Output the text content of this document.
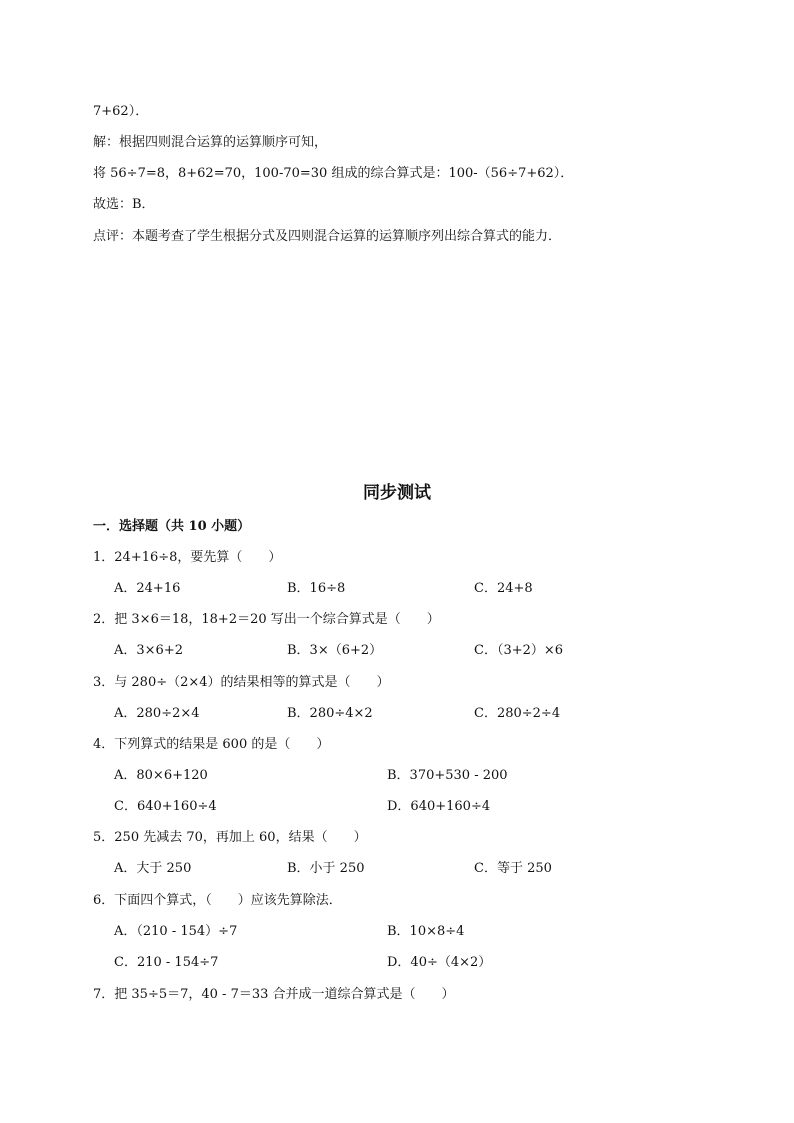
7+62）．
解：根据四则混合运算的运算顺序可知，
将 56÷7=8，8+62=70，100-70=30 组成的综合算式是：100-（56÷7+62）．
故选：B．
点评：本题考查了学生根据分式及四则混合运算的运算顺序列出综合算式的能力．
同步测试
一．选择题（共 10 小题）
1．24+16÷8，要先算（　　）
A．24+16	B．16÷8	C．24+8
2．把 3×6＝18，18+2＝20 写出一个综合算式是（　　）
A．3×6+2	B．3×（6+2）	C．（3+2）×6
3．与 280÷（2×4）的结果相等的算式是（　　）
A．280÷2×4	B．280÷4×2	C．280÷2÷4
4．下列算式的结果是 600 的是（　　）
A．80×6+120	B．370+530 - 200
C．640+160÷4	D．640+160÷4
5．250 先减去 70，再加上 60，结果（　　）
A．大于 250	B．小于 250	C．等于 250
6．下面四个算式，（　　）应该先算除法．
A．（210 - 154）÷7	B．10×8÷4
C．210 - 154÷7	D．40÷（4×2）
7．把 35÷5＝7，40 - 7＝33 合并成一道综合算式是（　　）
